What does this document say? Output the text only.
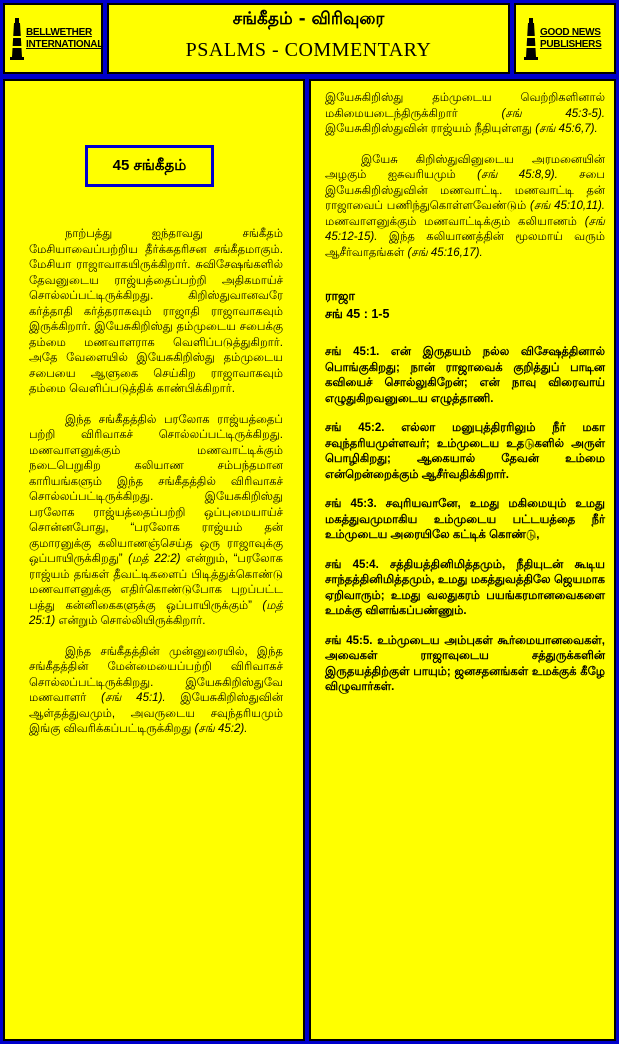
BELLWETHER INTERNATIONAL
சங்கீதம் - விரிவுரை
PSALMS - COMMENTARY
GOOD NEWS PUBLISHERS
45 சங்கீதம்

நாற்பத்து ஐந்தாவது சங்கீதம் மேசியாவைப்பற்றிய தீர்க்கதரிசன சங்கீதமாகும். மேசியா ராஜாவாகயிருக்கிறார். சுவிசேஷங்களில் தேவனுடைய ராஜ்யத்தைப்பற்றி அதிகமாய்ச் சொல்லப்பட்டிருக்கிறது. கிறிஸ்துவானவரே கர்த்தாதி கர்த்தராகவும் ராஜாதி ராஜாவாகவும் இருக்கிறார். இயேசுகிறிஸ்து தம்முடைய சபைக்கு தம்மை மணவாளராக வெளிப்படுத்துகிறார். அதே வேளையில் இயேசுகிறிஸ்து தம்முடைய சபையை ஆளுகை செய்கிற ராஜாவாகவும் தம்மை வெளிப்படுத்திக் காண்பிக்கிறார்.

இந்த சங்கீதத்தில் பரலோக ராஜ்யத்தைப் பற்றி விரிவாகச் சொல்லப்பட்டிருக்கிறது. மணவாளனுக்கும் மணவாட்டிக்கும் நடைபெறுகிற கலியாண சம்பந்தமான காரியங்களும் இந்த சங்கீதத்தில் விரிவாகச் சொல்லப்பட்டிருக்கிறது. இயேசுகிறிஸ்து பரலோக ராஜ்யத்தைப்பற்றி ஒப்புமையாய்ச் சொன்னபோது, “பரலோக ராஜ்யம் தன் குமாரனுக்கு கலியாணஞ்செய்த ஒரு ராஜாவுக்கு ஒப்பாயிருக்கிறது” (மத் 22:2) என்றும், “பரலோக ராஜ்யம் தங்கள் தீவட்டிகளைப் பிடித்துக்கொண்டு மணவாளனுக்கு எதிர்கொண்டுபோக புறப்பட்ட பத்து கன்னிகைகளுக்கு ஒப்பாயிருக்கும்” (மத் 25:1) என்றும் சொல்லியிருக்கிறார்.

இந்த சங்கீதத்தின் முன்னுரையில், இந்த சங்கீதத்தின் மேன்மையைப்பற்றி விரிவாகச் சொல்லப்பட்டிருக்கிறது. இயேசுகிறிஸ்துவே மணவாளர் (சங் 45:1). இயேசுகிறிஸ்துவின் ஆள்தத்துவமும், அவருடைய சவுந்தரியமும் இங்கு விவரிக்கப்பட்டிருக்கிறது (சங் 45:2).

இயேசுகிறிஸ்து தம்முடைய வெற்றிகளினால் மகிமையடைந்திருக்கிறார்	(சங் 45:3-5). இயேசுகிறிஸ்துவின் ராஜ்யம் நீதியுள்ளது (சங் 45:6,7).

இயேசு கிறிஸ்துவினுடைய அரமனையின் அழகும் ஐசுவரியமும் (சங் 45:8,9). சபை இயேசுகிறிஸ்துவின் மணவாட்டி. மணவாட்டி தன் ராஜாவைப் பணிந்துகொள்ளவேண்டும் (சங் 45:10,11). மணவாளனுக்கும் மணவாட்டிக்கும் கலியாணம் (சங் 45:12-15). இந்த கலியாணத்தின் மூலமாய் வரும் ஆசீர்வாதங்கள் (சங் 45:16,17).

ராஜா
சங் 45 : 1-5

சங் 45:1. என் இருதயம் நல்ல விசேஷத்தினால் பொங்குகிறது; நான் ராஜாவைக் குறித்துப் பாடின கவியைச் சொல்லுகிறேன்; என் நாவு விரைவாய் எழுதுகிறவனுடைய எழுத்தாணி.

சங் 45:2. எல்லா மனுபுத்திரரிலும் நீர் மகா சவுந்தரியமுள்ளவர்; உம்முடைய உதடுகளில் அருள் பொழிகிறது; ஆகையால் தேவன் உம்மை என்றென்றைக்கும் ஆசீர்வதிக்கிறார்.

சங் 45:3. சவுரியவானே, உமது மகிமையும் உமது மகத்துவமுமாகிய உம்முடைய பட்டயத்தை நீர் உம்முடைய அரையிலே கட்டிக் கொண்டு,

சங் 45:4. சத்தியத்தினிமித்தமும், நீதியுடன் கூடிய சாந்தத்தினிமித்தமும், உமது மகத்துவத்திலே ஜெயமாக ஏறிவாரும்; உமது வலதுகரம் பயங்கரமானவைகளை உமக்கு விளங்கப்பண்ணும்.

சங் 45:5. உம்முடைய அம்புகள் கூர்மையானவைகள், அவைகள் ராஜாவுடைய சத்துருக்களின் இருதயத்திற்குள் பாயும்; ஜனசதனங்கள் உமக்குக் கீழே விழுவார்கள்.
